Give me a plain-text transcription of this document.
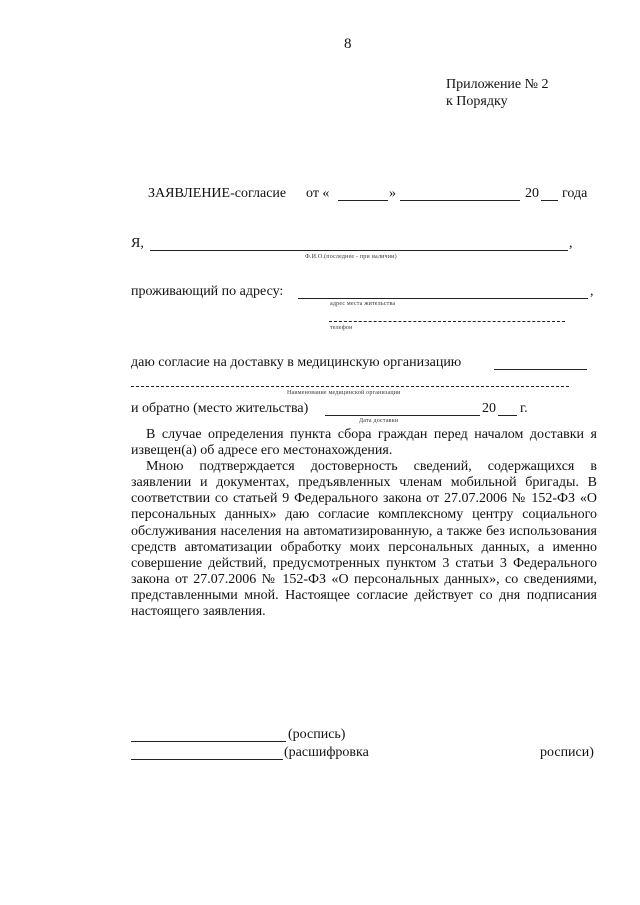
8
Приложение № 2
к Порядку
ЗАЯВЛЕНИЕ-согласие от «	»	20 года
Я,	,
Ф.И.О.(последнее - при наличии)
проживающий по адресу:	,
адрес места жительства
телефон
даю согласие на доставку в медицинскую организацию
Наименование медицинской организации
и обратно (место жительства)	20 г.
Дата доставки

В случае определения пункта сбора граждан перед началом доставки я извещен(а) об адресе его местонахождения.

Мною подтверждается достоверность сведений, содержащихся в заявлении и документах, предъявленных членам мобильной бригады. В соответствии со статьей 9 Федерального закона от 27.07.2006 № 152-ФЗ «О персональных данных» даю согласие комплексному центру социального обслуживания населения на автоматизированную, а также без использования средств автоматизации обработку моих персональных данных, а именно совершение действий, предусмотренных пунктом 3 статьи 3 Федерального закона от 27.07.2006 № 152-ФЗ «О персональных данных», со сведениями, представленными мной. Настоящее согласие действует со дня подписания настоящего заявления.

(роспись)
(расшифровка	росписи)
